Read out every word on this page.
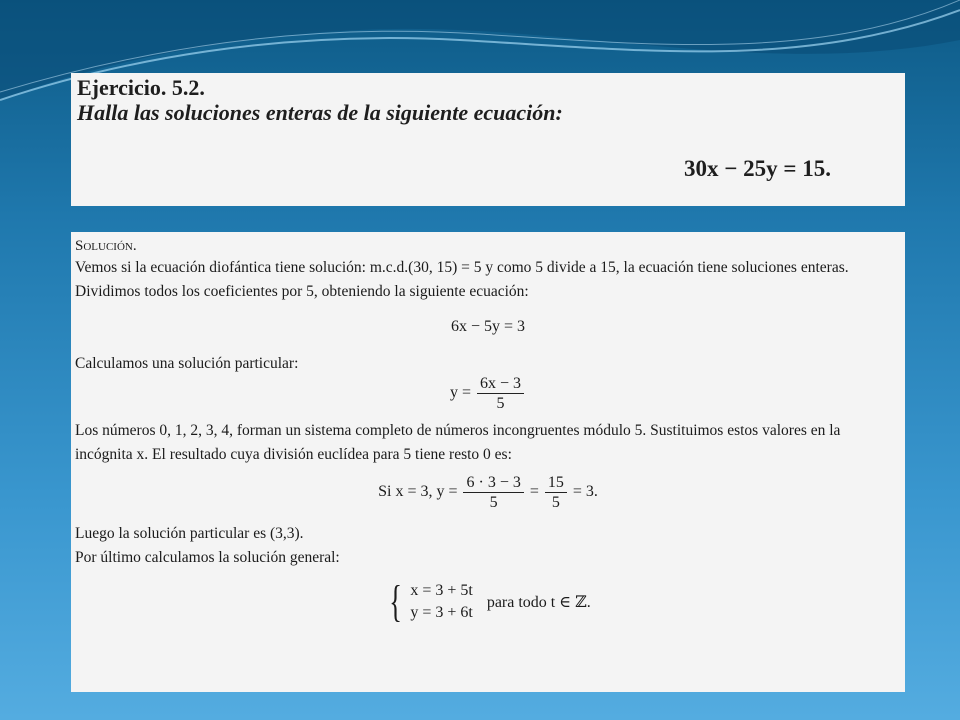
Ejercicio. 5.2.
Halla las soluciones enteras de la siguiente ecuación:
30x − 25y = 15.
Solución.

Vemos si la ecuación diofántica tiene solución: m.c.d.(30, 15) = 5 y como 5 divide a 15, la ecuación tiene soluciones enteras.

Dividimos todos los coeficientes por 5, obteniendo la siguiente ecuación:

6x − 5y = 3

Calculamos una solución particular:

$y = \frac{6x - 3}{5}$

Los números 0, 1, 2, 3, 4, forman un sistema completo de números incongruentes módulo 5. Sustituimos estos valores en la incógnita x. El resultado cuya división euclídea para 5 tiene resto 0 es:

Si x = 3, $y = \frac{6 \cdot 3 - 3}{5} = \frac{15}{5} = 3$.

Luego la solución particular es (3,3).

Por último calculamos la solución general:

{ x = 3 + 5t
y = 3 + 6t
para todo t ∈ ℤ.
